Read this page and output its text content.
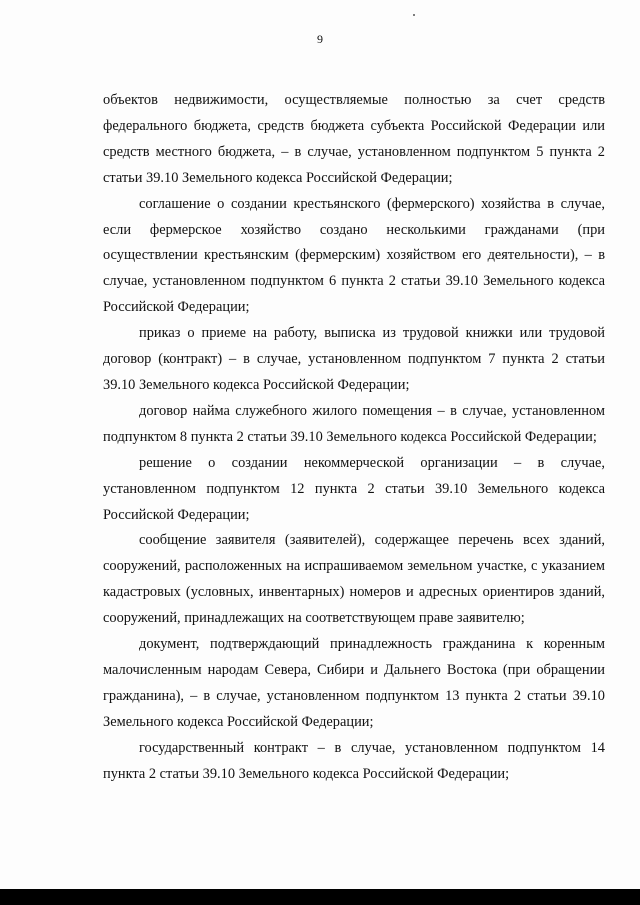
9

объектов недвижимости, осуществляемые полностью за счет средств федерального бюджета, средств бюджета субъекта Российской Федерации или средств местного бюджета, – в случае, установленном подпунктом 5 пункта 2 статьи 39.10 Земельного кодекса Российской Федерации;

соглашение о создании крестьянского (фермерского) хозяйства в случае, если фермерское хозяйство создано несколькими гражданами (при осуществлении крестьянским (фермерским) хозяйством его деятельности), – в случае, установленном подпунктом 6 пункта 2 статьи 39.10 Земельного кодекса Российской Федерации;

приказ о приеме на работу, выписка из трудовой книжки или трудовой договор (контракт) – в случае, установленном подпунктом 7 пункта 2 статьи 39.10 Земельного кодекса Российской Федерации;

договор найма служебного жилого помещения – в случае, установленном подпунктом 8 пункта 2 статьи 39.10 Земельного кодекса Российской Федерации;

решение о создании некоммерческой организации – в случае, установленном подпунктом 12 пункта 2 статьи 39.10 Земельного кодекса Российской Федерации;

сообщение заявителя (заявителей), содержащее перечень всех зданий, сооружений, расположенных на испрашиваемом земельном участке, с указанием кадастровых (условных, инвентарных) номеров и адресных ориентиров зданий, сооружений, принадлежащих на соответствующем праве заявителю;

документ, подтверждающий принадлежность гражданина к коренным малочисленным народам Севера, Сибири и Дальнего Востока (при обращении гражданина), – в случае, установленном подпунктом 13 пункта 2 статьи 39.10 Земельного кодекса Российской Федерации;

государственный контракт – в случае, установленном подпунктом 14 пункта 2 статьи 39.10 Земельного кодекса Российской Федерации;
